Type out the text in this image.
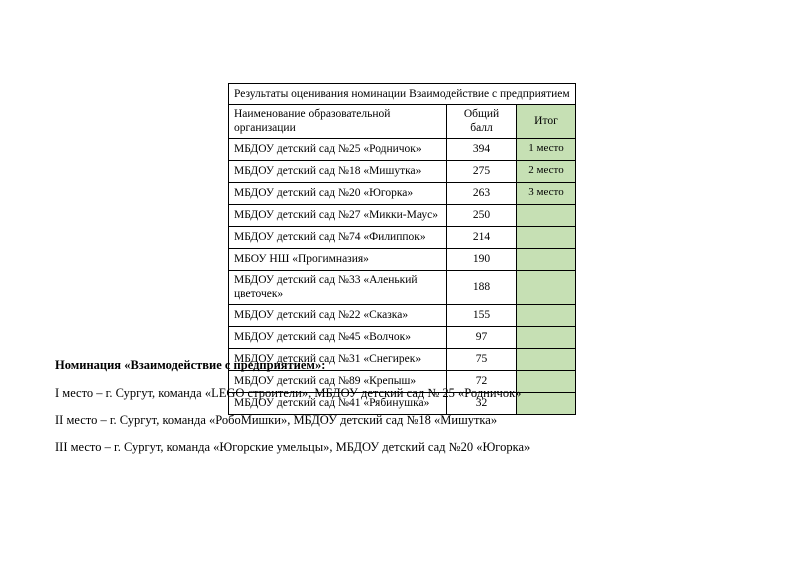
Результаты оценивания номинации Взаимодействие с предприятием		
Наименование образовательной организации	Общий балл	Итог
МБДОУ детский сад №25 «Родничок»	394	1 место
МБДОУ детский сад №18 «Мишутка»	275	2 место
МБДОУ детский сад №20 «Югорка»	263	3 место
МБДОУ детский сад №27 «Микки-Маус»	250	
МБДОУ детский сад №74 «Филиппок»	214	
МБОУ НШ «Прогимназия»	190	
МБДОУ детский сад №33 «Аленький цветочек»	188	
МБДОУ детский сад №22 «Сказка»	155	
МБДОУ детский сад №45 «Волчок»	97	
МБДОУ детский сад №31 «Снегирек»	75	
МБДОУ детский сад №89 «Крепыш»	72	
МБДОУ детский сад №41 «Рябинушка»	32	
Номинация «Взаимодействие с предприятием»:

I место – г. Сургут, команда «LEGO строители», МБДОУ детский сад № 25 «Родничок»

II место – г. Сургут, команда «РобоМишки», МБДОУ детский сад №18 «Мишутка»

III место – г. Сургут, команда «Югорские умельцы», МБДОУ детский сад №20 «Югорка»
